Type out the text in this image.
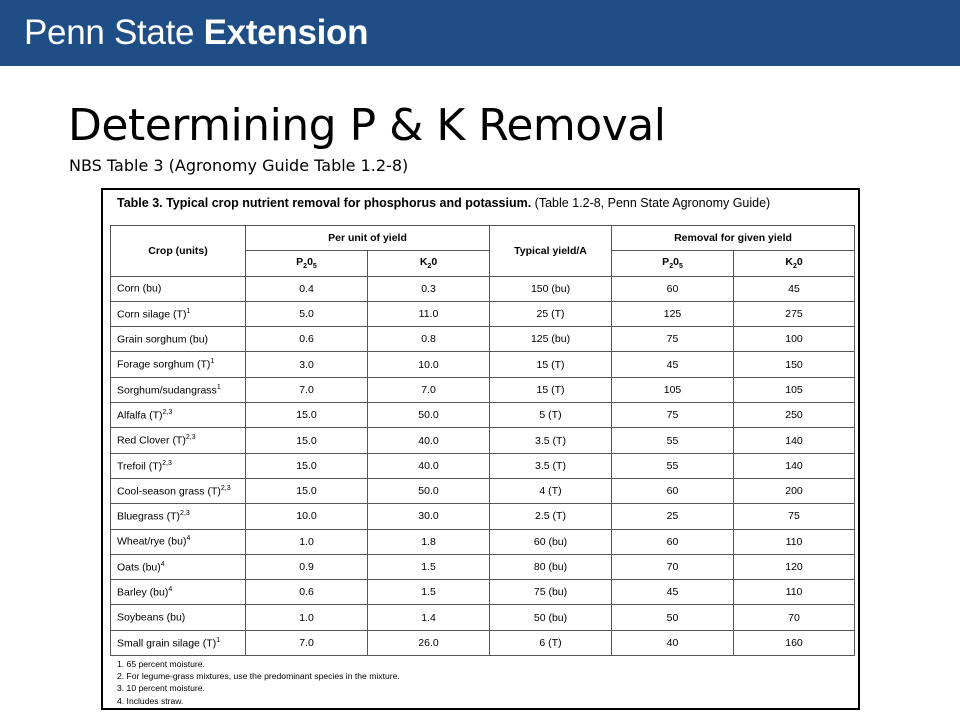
Penn State Extension
Determining P & K Removal
NBS Table 3 (Agronomy Guide Table 1.2-8)
Table 3. Typical crop nutrient removal for phosphorus and potassium. (Table 1.2-8, Penn State Agronomy Guide)
Crop (units)	Per unit of yield		Typical yield/A	Removal for given yield	
	$P_20_5$	$K_20$		$P_20_5$	$K_20$
Corn (bu)	0.4	0.3	150 (bu)	60	45
Corn silage $(T)^1$	5.0	11.0	25 (T)	125	275
Grain sorghum (bu)	0.6	0.8	125 (bu)	75	100
Forage sorghum $(T)^1$	3.0	10.0	15 (T)	45	150
Sorghum/sudangrass$^1$	7.0	7.0	15 (T)	105	105
Alfalfa $(T)^{2,3}$	15.0	50.0	5 (T)	75	250
Red Clover $(T)^{2,3}$	15.0	40.0	3.5 (T)	55	140
Trefoil $(T)^{2,3}$	15.0	40.0	3.5 (T)	55	140
Cool-season grass $(T)^{2,3}$	15.0	50.0	4 (T)	60	200
Bluegrass $(T)^{2,3}$	10.0	30.0	2.5 (T)	25	75
Wheat/rye (bu)$^4$	1.0	1.8	60 (bu)	60	110
Oats (bu)$^4$	0.9	1.5	80 (bu)	70	120
Barley (bu)$^4$	0.6	1.5	75 (bu)	45	110
Soybeans (bu)	1.0	1.4	50 (bu)	50	70
Small grain silage $(T)^1$	7.0	26.0	6 (T)	40	160
1. 65 percent moisture.
2. For legume-grass mixtures, use the predominant species in the mixture.
3. 10 percent moisture.
4. Includes straw.
